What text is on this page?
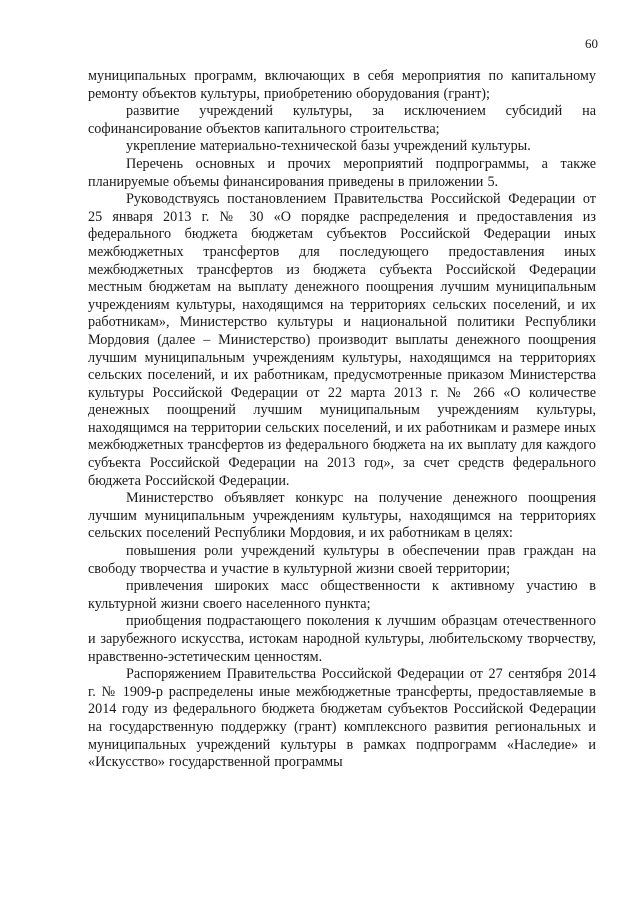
60

муниципальных программ, включающих в себя мероприятия по капитальному ремонту объектов культуры, приобретению оборудования (грант);

развитие учреждений культуры, за исключением субсидий на софинансирование объектов капитального строительства;

укрепление материально-технической базы учреждений культуры.

Перечень основных и прочих мероприятий подпрограммы, а также планируемые объемы финансирования приведены в приложении 5.

Руководствуясь постановлением Правительства Российской Федерации от 25 января 2013 г. № 30 «О порядке распределения и предоставления из федерального бюджета бюджетам субъектов Российской Федерации иных межбюджетных трансфертов для последующего предоставления иных межбюджетных трансфертов из бюджета субъекта Российской Федерации местным бюджетам на выплату денежного поощрения лучшим муниципальным учреждениям культуры, находящимся на территориях сельских поселений, и их работникам», Министерство культуры и национальной политики Республики Мордовия (далее – Министерство) производит выплаты денежного поощрения лучшим муниципальным учреждениям культуры, находящимся на территориях сельских поселений, и их работникам, предусмотренные приказом Министерства культуры Российской Федерации от 22 марта 2013 г. № 266 «О количестве денежных поощрений лучшим муниципальным учреждениям культуры, находящимся на территории сельских поселений, и их работникам и размере иных межбюджетных трансфертов из федерального бюджета на их выплату для каждого субъекта Российской Федерации на 2013 год», за счет средств федерального бюджета Российской Федерации.

Министерство объявляет конкурс на получение денежного поощрения лучшим муниципальным учреждениям культуры, находящимся на территориях сельских поселений Республики Мордовия, и их работникам в целях:

повышения роли учреждений культуры в обеспечении прав граждан на свободу творчества и участие в культурной жизни своей территории;

привлечения широких масс общественности к активному участию в культурной жизни своего населенного пункта;

приобщения подрастающего поколения к лучшим образцам отечественного и зарубежного искусства, истокам народной культуры, любительскому творчеству, нравственно-эстетическим ценностям.

Распоряжением Правительства Российской Федерации от 27 сентября 2014 г. № 1909-р распределены иные межбюджетные трансферты, предоставляемые в 2014 году из федерального бюджета бюджетам субъектов Российской Федерации на государственную поддержку (грант) комплексного развития региональных и муниципальных учреждений культуры в рамках подпрограмм «Наследие» и «Искусство» государственной программы
